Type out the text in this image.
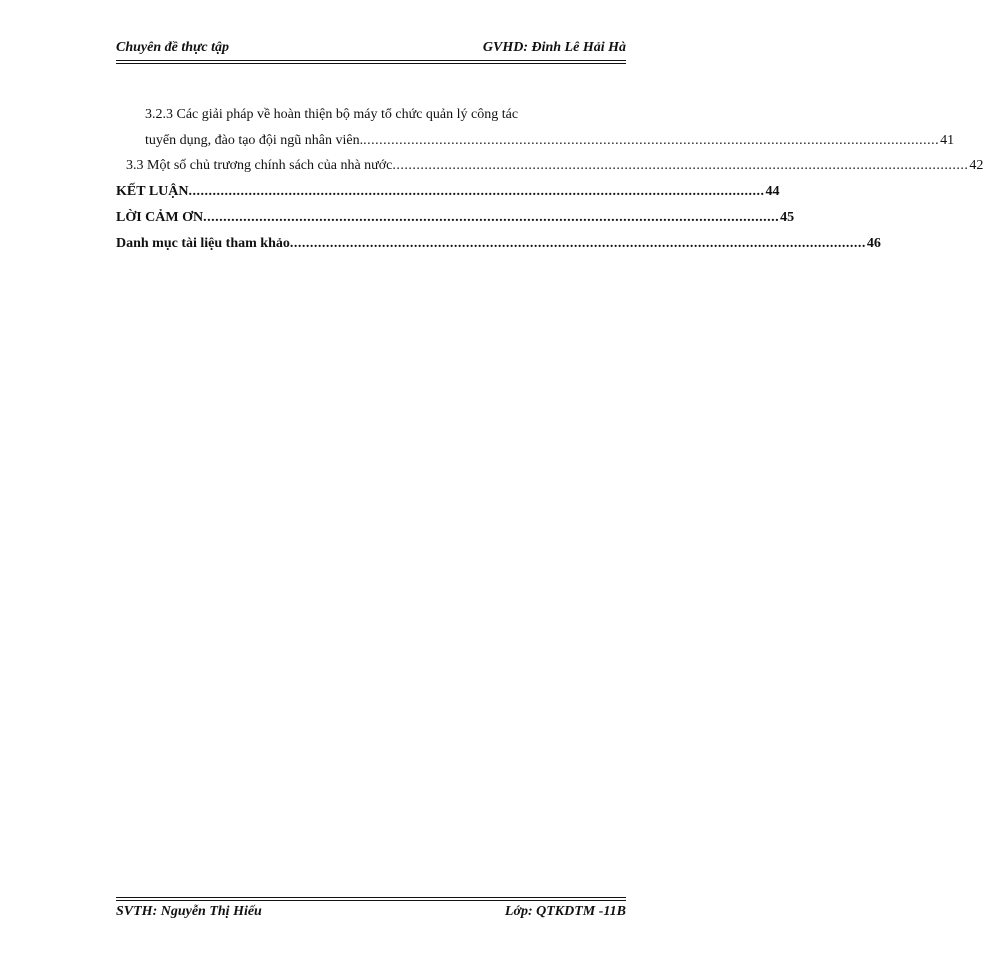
Chuyên đề thực tập	GVHD: Đinh Lê Hải Hà
3.2.3 Các giải pháp về hoàn thiện bộ máy tổ chức quản lý công tác
tuyển dụng, đào tạo đội ngũ nhân viên. ................................................................................................................................................ 41
3.3 Một số chủ trương chính sách của nhà nước ................................................................................................................................................ 42
KẾT LUẬN ................................................................................................................................................ 44
LỜI CẢM ƠN ................................................................................................................................................ 45
Danh mục tài liệu tham khảo ................................................................................................................................................ 46
SVTH: Nguyễn Thị Hiếu	Lớp: QTKDTM -11B
